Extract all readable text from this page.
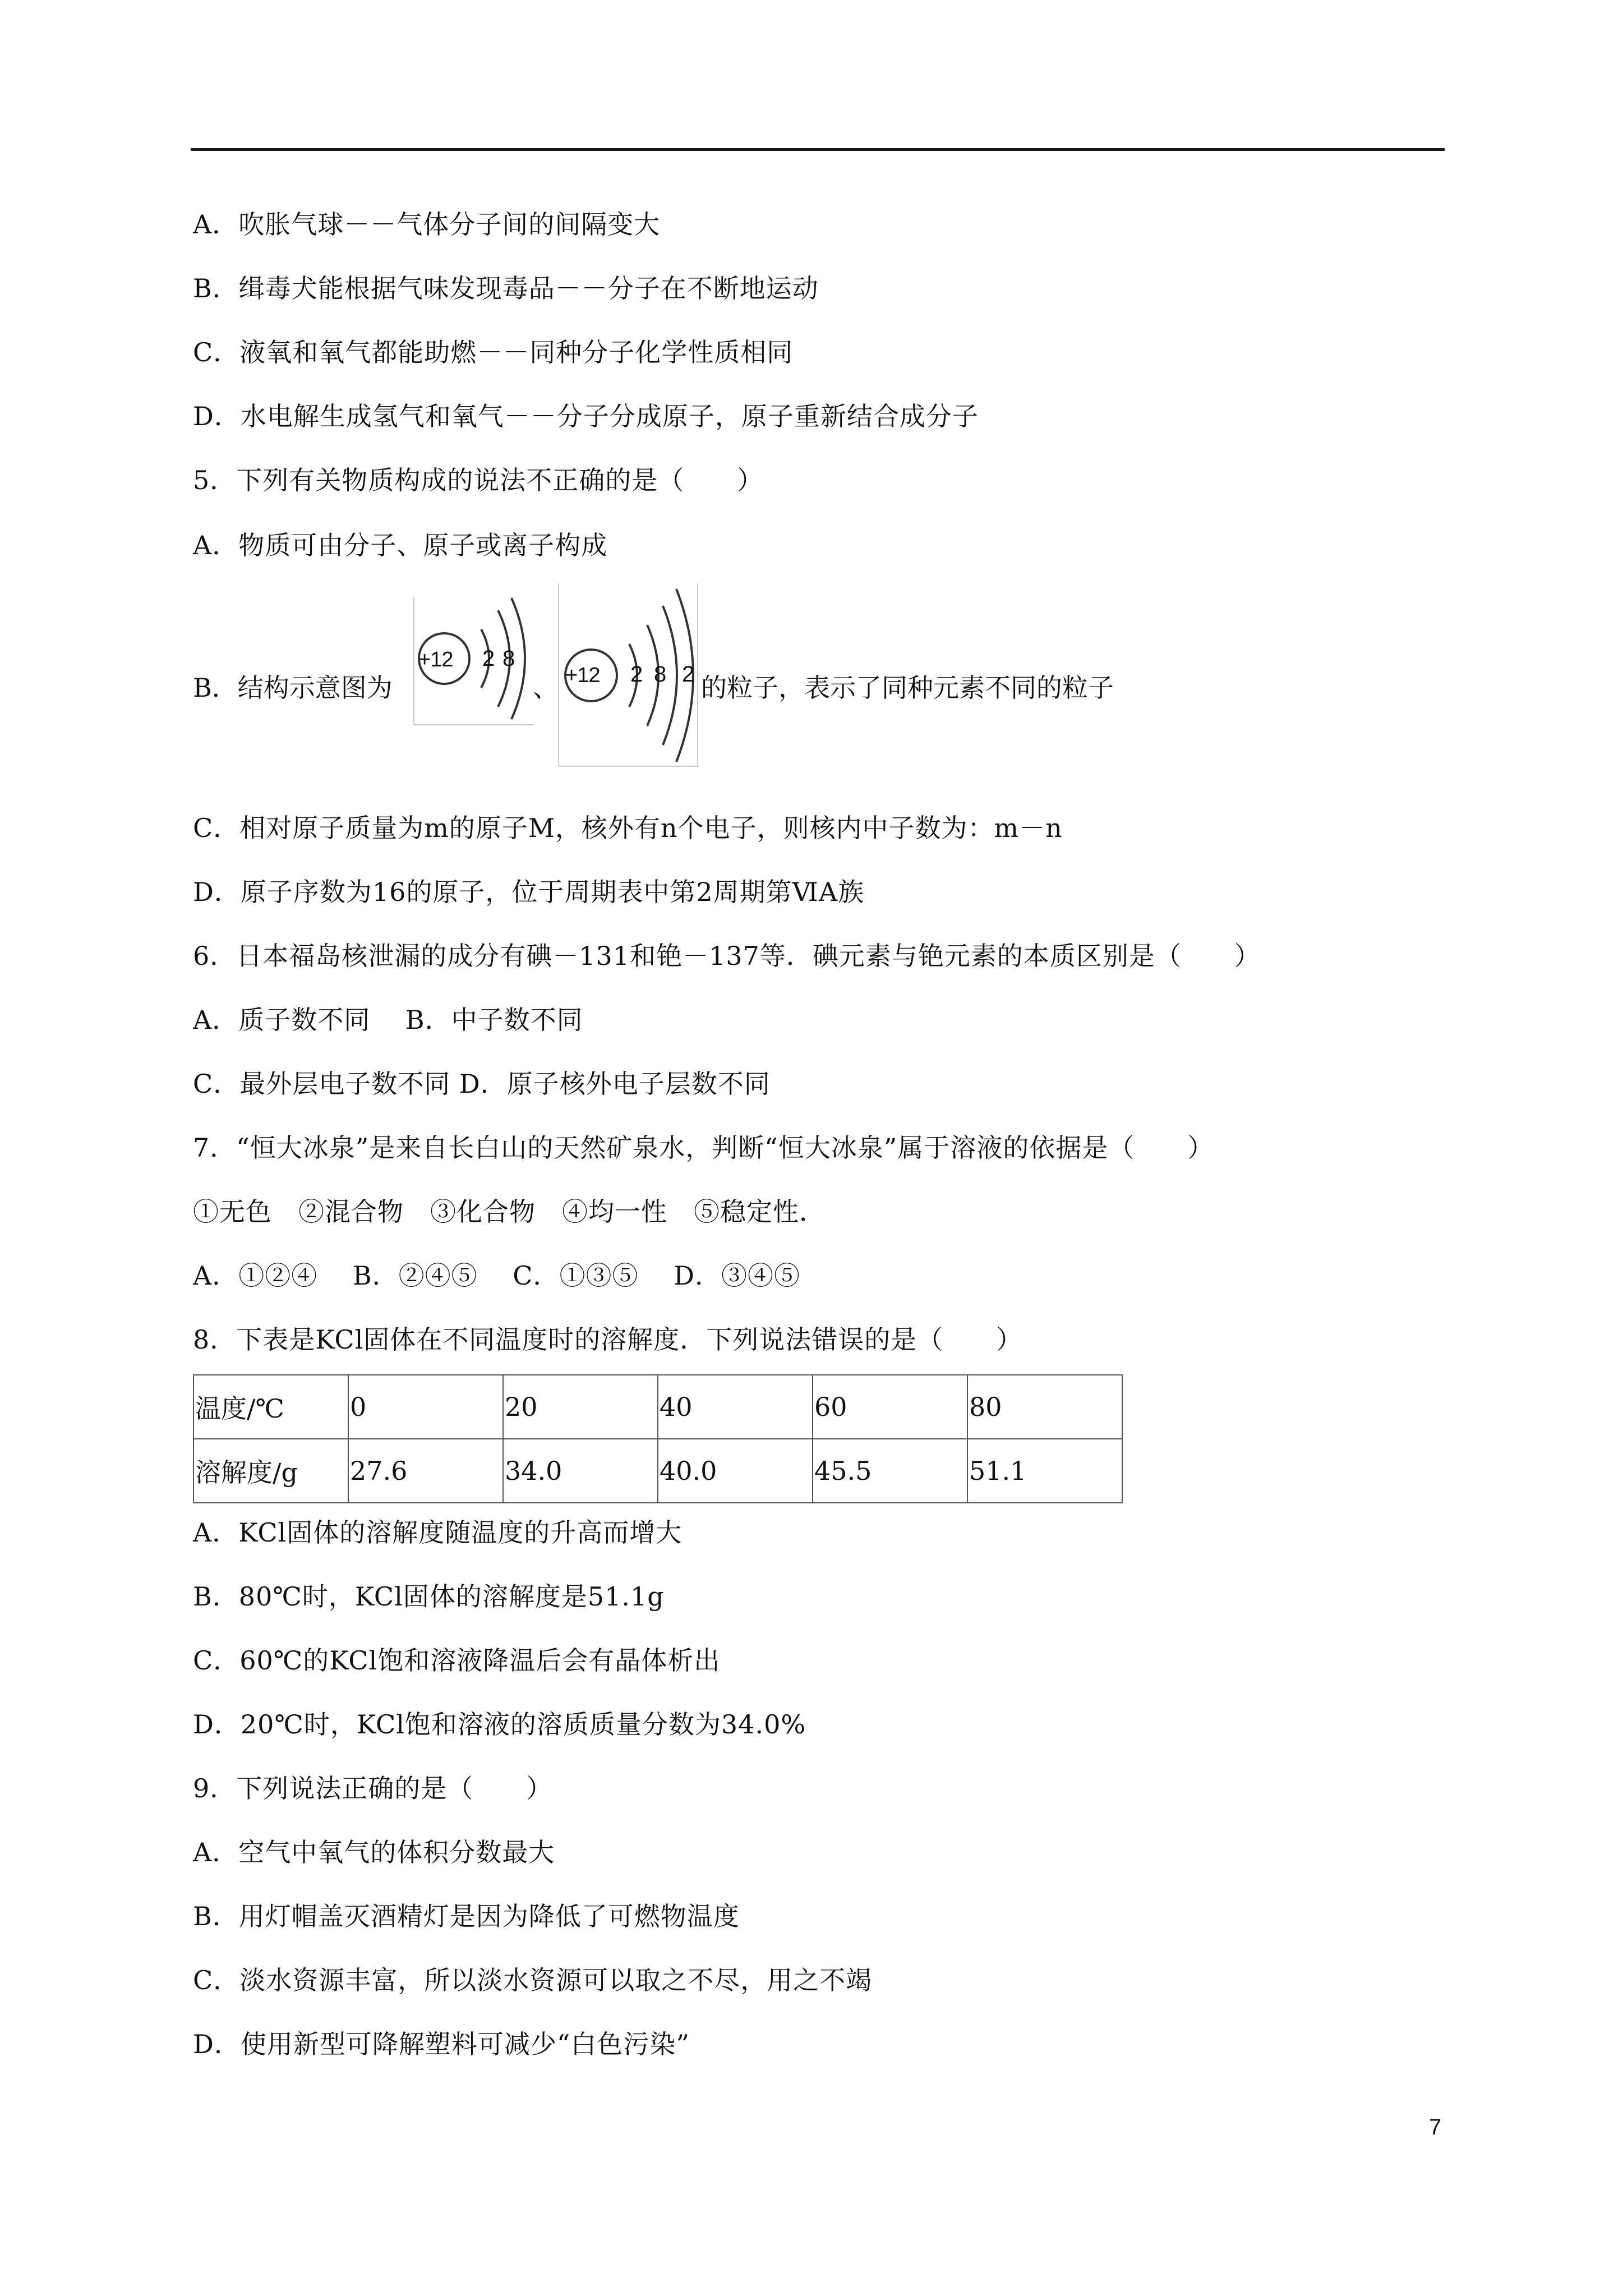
A．吹胀气球－－气体分子间的间隔变大
B．缉毒犬能根据气味发现毒品－－分子在不断地运动
C．液氧和氧气都能助燃－－同种分子化学性质相同
D．水电解生成氢气和氧气－－分子分成原子，原子重新结合成分子
5．下列有关物质构成的说法不正确的是（　　）
A．物质可由分子、原子或离子构成
B．结构示意图为
+12 2 8
、 +12 2 8 2 的粒子，表示了同种元素不同的粒子
C．相对原子质量为m的原子M，核外有n个电子，则核内中子数为：m－n
D．原子序数为16的原子，位于周期表中第2周期第ⅥA族
6．日本福岛核泄漏的成分有碘－131和铯－137等．碘元素与铯元素的本质区别是（　　）
A．质子数不同　 B．中子数不同
C．最外层电子数不同 D．原子核外电子层数不同
7．“恒大冰泉”是来自长白山的天然矿泉水，判断“恒大冰泉”属于溶液的依据是（　　）
①无色　②混合物　③化合物　④均一性　⑤稳定性．
A．①②④　 B．②④⑤　 C．①③⑤　 D．③④⑤
8．下表是KCl固体在不同温度时的溶解度．下列说法错误的是（　　）
温度/℃	0	20	40	60	80
溶解度/g	27.6	34.0	40.0	45.5	51.1
A．KCl固体的溶解度随温度的升高而增大
B．80℃时，KCl固体的溶解度是51.1g
C．60℃的KCl饱和溶液降温后会有晶体析出
D．20℃时，KCl饱和溶液的溶质质量分数为34.0%
9．下列说法正确的是（　　）
A．空气中氧气的体积分数最大
B．用灯帽盖灭酒精灯是因为降低了可燃物温度
C．淡水资源丰富，所以淡水资源可以取之不尽，用之不竭
D．使用新型可降解塑料可减少“白色污染”
7
